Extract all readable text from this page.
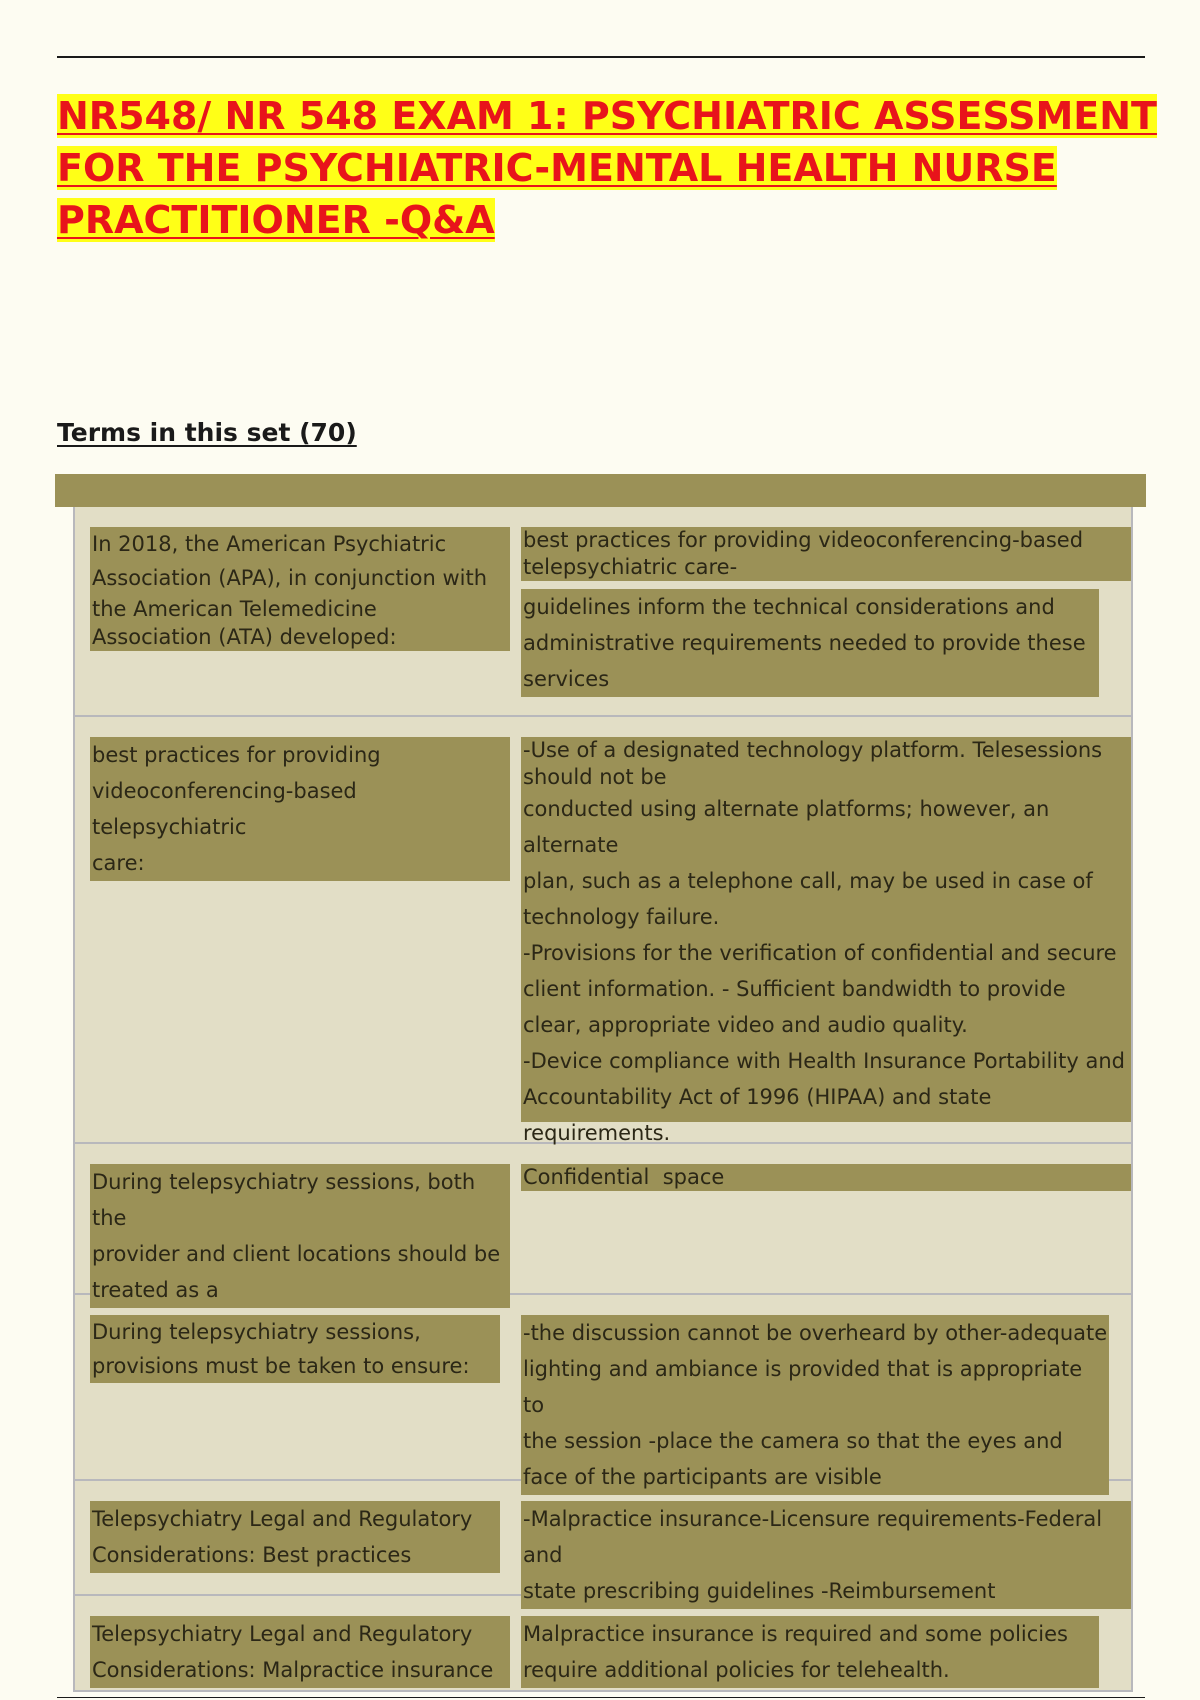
NR548/ NR 548 EXAM 1: PSYCHIATRIC ASSESSMENT FOR THE PSYCHIATRIC-MENTAL HEALTH NURSE PRACTITIONER -Q&A
Terms in this set (70)

In 2018, the American Psychiatric

Association (APA), in conjunction with

the American Telemedicine

Association (ATA) developed:

best practices for providing videoconferencing-based

telepsychiatric care-

guidelines inform the technical considerations and

administrative requirements needed to provide these

services

best practices for providing

videoconferencing-based telepsychiatric

care:

-Use of a designated technology platform. Telesessions

should not be

conducted using alternate platforms; however, an alternate

plan, such as a telephone call, may be used in case of

technology failure.

-Provisions for the verification of confidential and secure

client information. - Sufficient bandwidth to provide

clear, appropriate video and audio quality.

-Device compliance with Health Insurance Portability and

Accountability Act of 1996 (HIPAA) and state

requirements.

During telepsychiatry sessions, both the

provider and client locations should be

treated as a

Confidential  space

During telepsychiatry sessions,

provisions must be taken to ensure:

-the discussion cannot be overheard by other-adequate

lighting and ambiance is provided that is appropriate to

the session -place the camera so that the eyes and

face of the participants are visible

Telepsychiatry Legal and Regulatory

Considerations: Best practices

-Malpractice insurance-Licensure requirements-Federal and

state prescribing guidelines -Reimbursement

Telepsychiatry Legal and Regulatory

Considerations: Malpractice insurance

Malpractice insurance is required and some policies

require additional policies for telehealth.
